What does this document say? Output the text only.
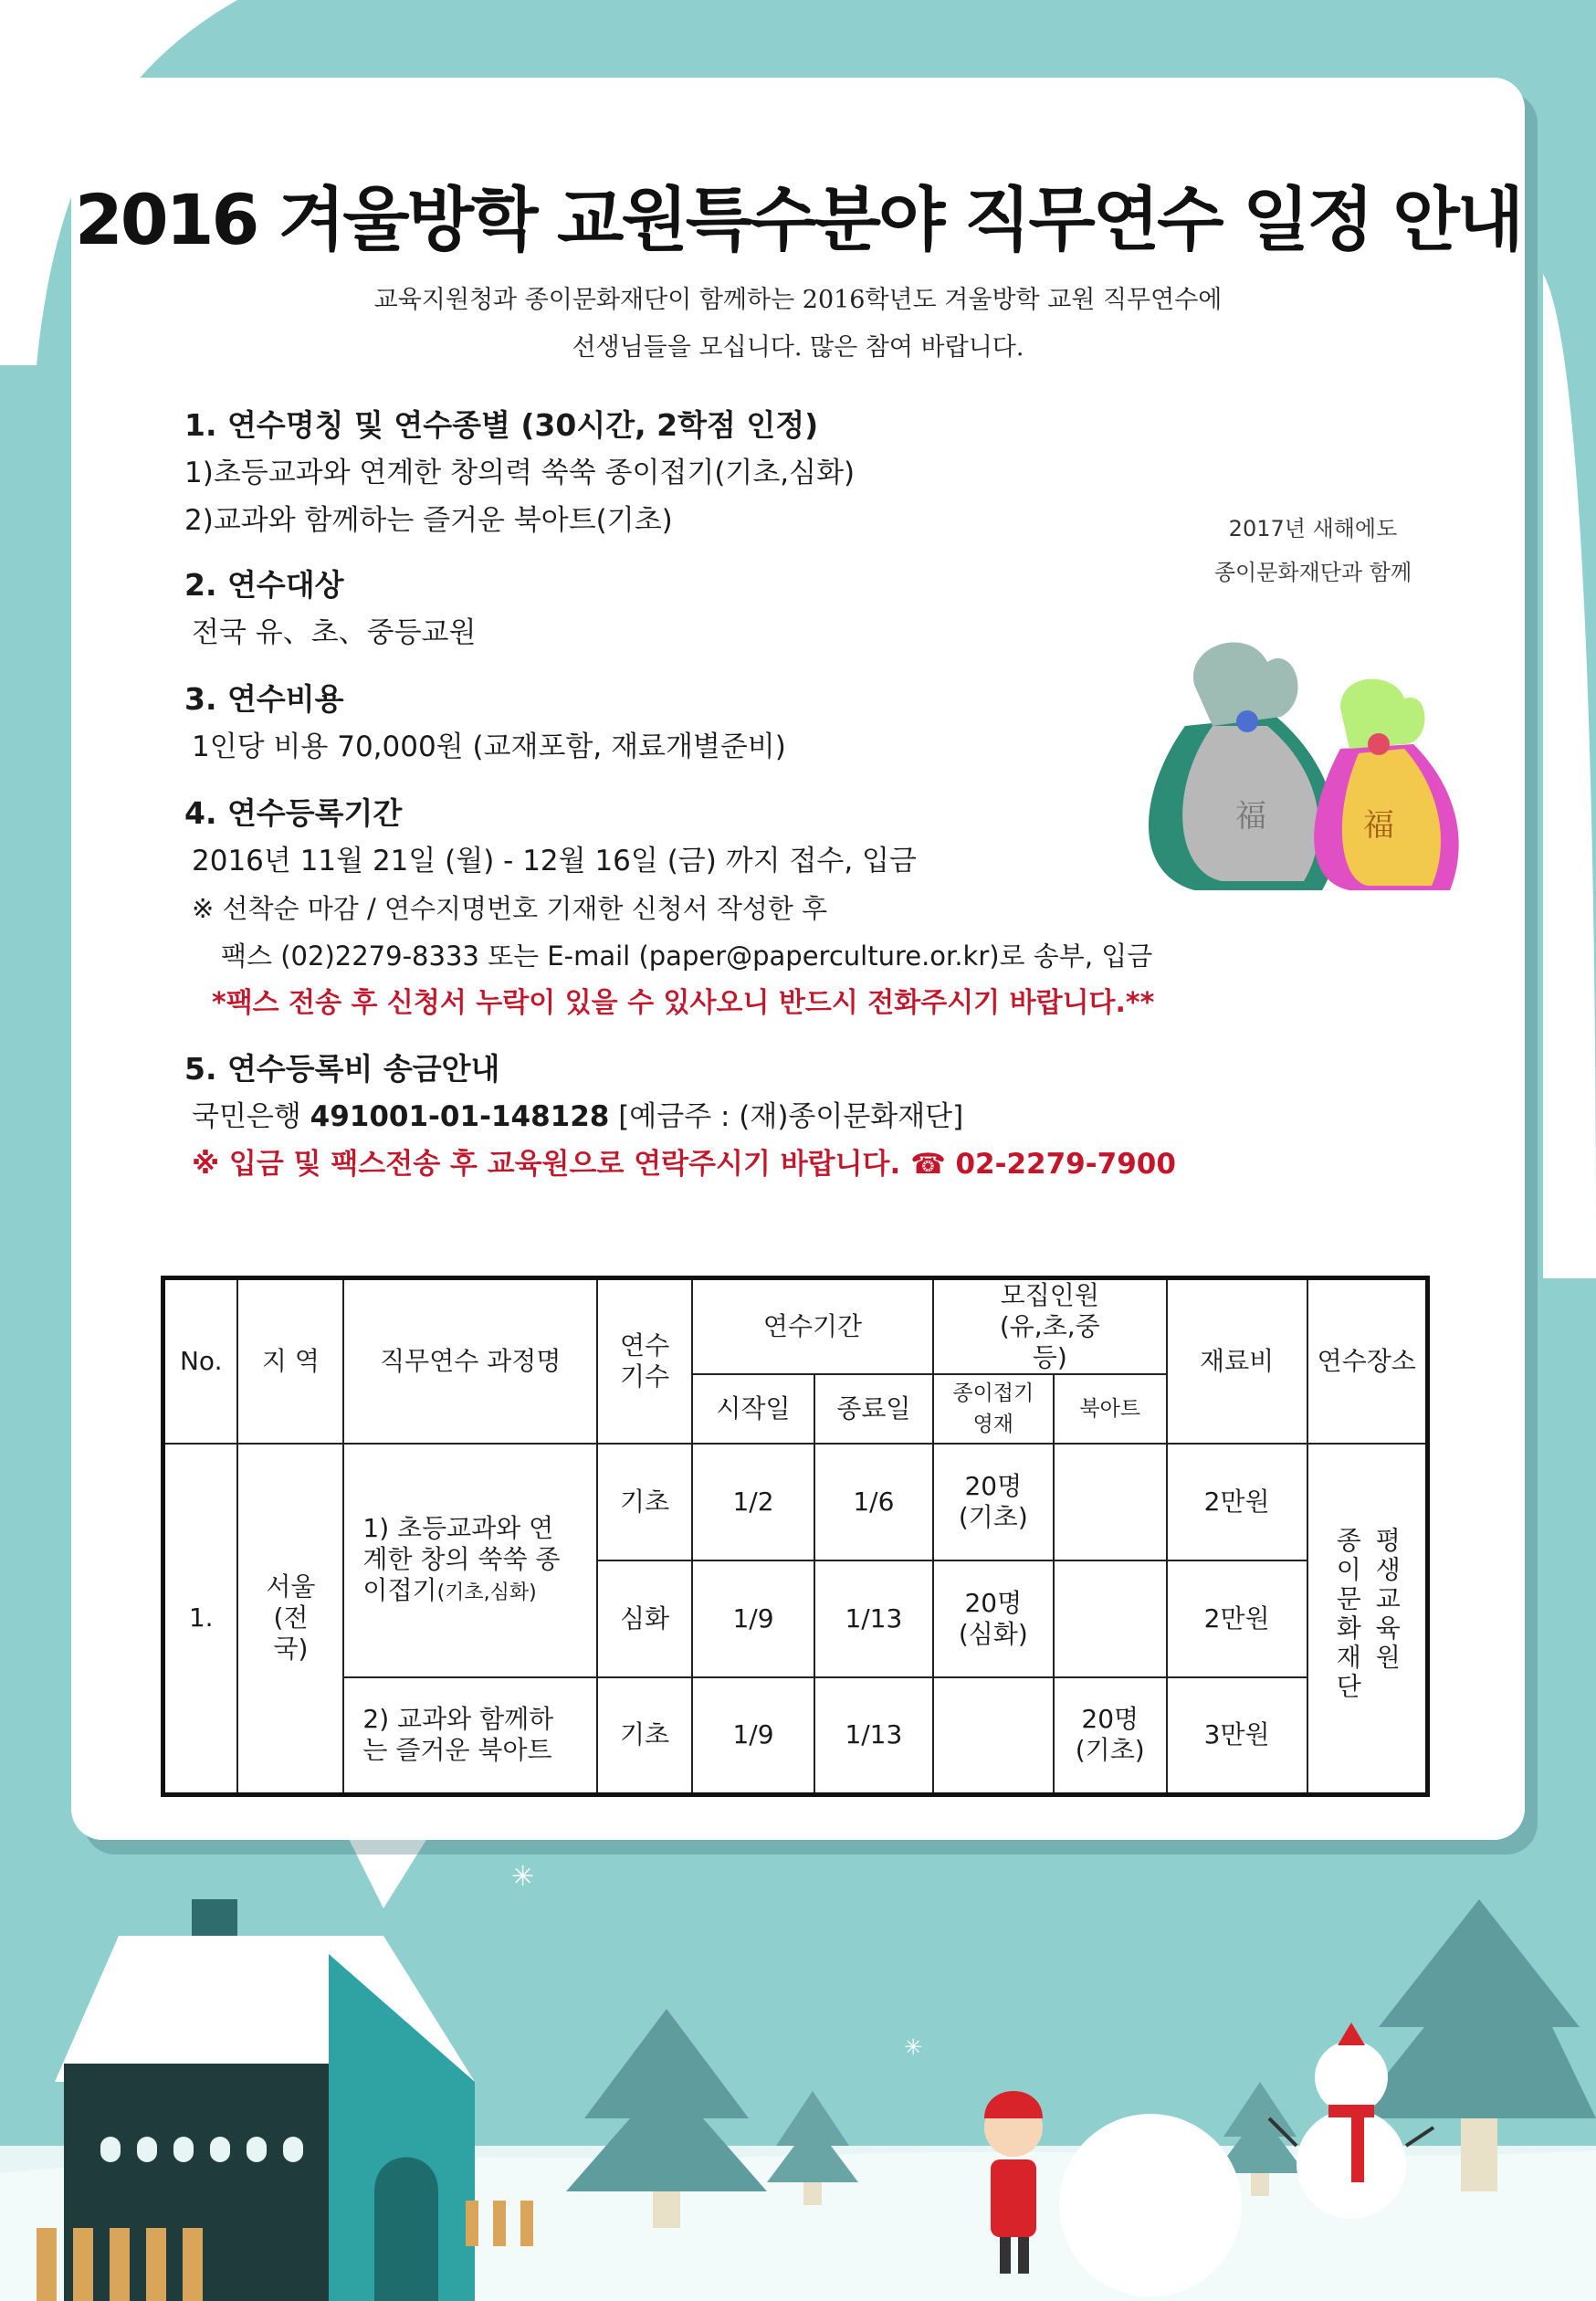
2016 겨울방학 교원특수분야 직무연수 일정 안내
교육지원청과 종이문화재단이 함께하는 2016학년도 겨울방학 교원 직무연수에
선생님들을 모십니다. 많은 참여 바랍니다.
1. 연수명칭 및 연수종별 (30시간, 2학점 인정)
1)초등교과와 연계한 창의력 쑥쑥 종이접기(기초,심화)
2)교과와 함께하는 즐거운 북아트(기초)
2. 연수대상
전국 유、초、중등교원
3. 연수비용
1인당 비용 70,000원 (교재포함, 재료개별준비)
4. 연수등록기간
2016년 11월 21일 (월) - 12월 16일 (금) 까지 접수, 입금
※ 선착순 마감 / 연수지명번호 기재한 신청서 작성한 후
팩스 (02)2279-8333 또는 E-mail (paper@paperculture.or.kr)로 송부, 입금
*팩스 전송 후 신청서 누락이 있을 수 있사오니 반드시 전화주시기 바랍니다.**
5. 연수등록비 송금안내
국민은행 491001-01-148128 [예금주 : (재)종이문화재단]
※ 입금 및 팩스전송 후 교육원으로 연락주시기 바랍니다. ☎ 02-2279-7900
2017년 새해에도
종이문화재단과 함께
福	福
No.	지 역	직무연수 과정명	연수 기수	연수기간		모집인원 (유,초,중등)		재료비	연수장소
				시작일	종료일	종이접기 영재	북아트		
1.	서울 (전국)	1) 초등교과와 연계한 창의 쑥쑥 종이접기(기초,심화)	기초	1/2	1/6	20명 (기초)		2만원	종이문화재단 평생교육원
			심화	1/9	1/13	20명 (심화)		2만원	
		2) 교과와 함께하는 즐거운 북아트	기초	1/9	1/13		20명 (기초)	3만원	
✳
✳
